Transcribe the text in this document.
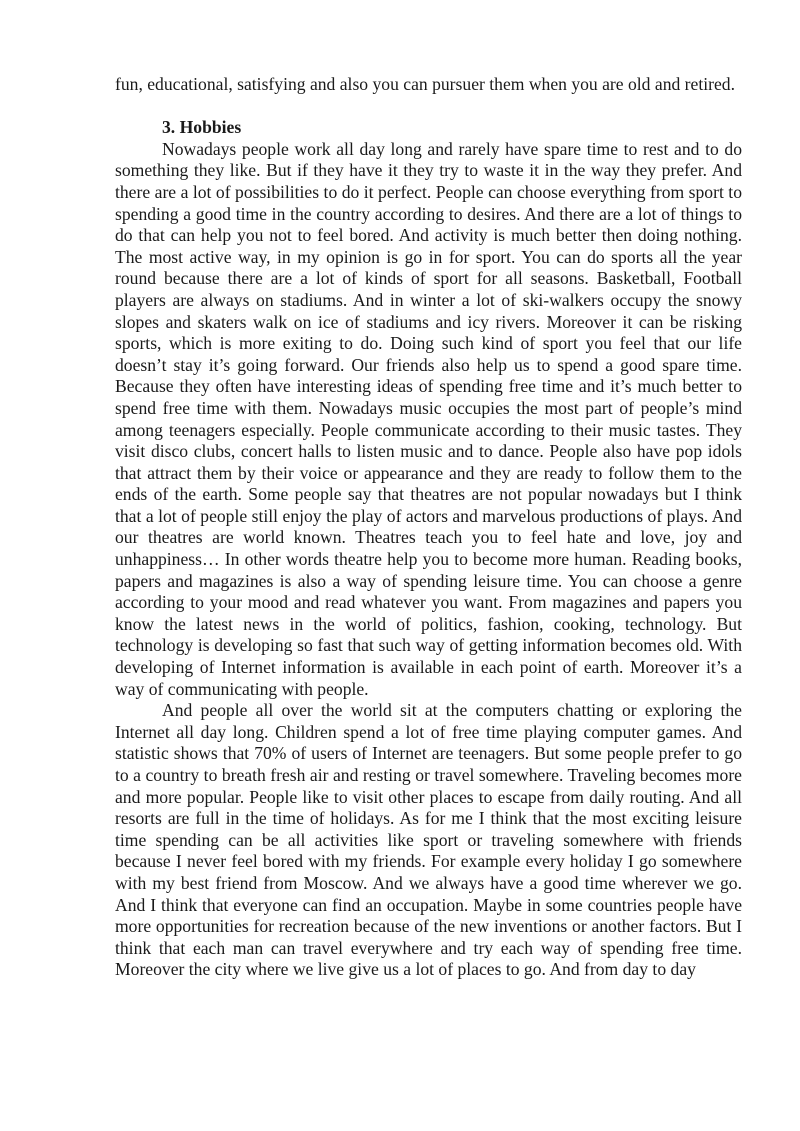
fun, educational, satisfying and also you can pursuer them when you are old and retired.

3. Hobbies

Nowadays people work all day long and rarely have spare time to rest and to do something they like. But if they have it they try to waste it in the way they prefer. And there are a lot of possibilities to do it perfect. People can choose everything from sport to spending a good time in the country according to desires. And there are a lot of things to do that can help you not to feel bored. And activity is much better then doing nothing. The most active way, in my opinion is go in for sport. You can do sports all the year round because there are a lot of kinds of sport for all seasons. Basketball, Football players are always on stadiums. And in winter a lot of ski-walkers occupy the snowy slopes and skaters walk on ice of stadiums and icy rivers. Moreover it can be risking sports, which is more exiting to do. Doing such kind of sport you feel that our life doesn’t stay it’s going forward. Our friends also help us to spend a good spare time. Because they often have interesting ideas of spending free time and it’s much better to spend free time with them. Nowadays music occupies the most part of people’s mind among teenagers especially. People communicate according to their music tastes. They visit disco clubs, concert halls to listen music and to dance. People also have pop idols that attract them by their voice or appearance and they are ready to follow them to the ends of the earth. Some people say that theatres are not popular nowadays but I think that a lot of people still enjoy the play of actors and marvelous productions of plays. And our theatres are world known. Theatres teach you to feel hate and love, joy and unhappiness… In other words theatre help you to become more human. Reading books, papers and magazines is also a way of spending leisure time. You can choose a genre according to your mood and read whatever you want. From magazines and papers you know the latest news in the world of politics, fashion, cooking, technology. But technology is developing so fast that such way of getting information becomes old. With developing of Internet information is available in each point of earth. Moreover it’s a way of communicating with people.

And people all over the world sit at the computers chatting or exploring the Internet all day long. Children spend a lot of free time playing computer games. And statistic shows that 70% of users of Internet are teenagers. But some people prefer to go to a country to breath fresh air and resting or travel somewhere. Traveling becomes more and more popular. People like to visit other places to escape from daily routing. And all resorts are full in the time of holidays. As for me I think that the most exciting leisure time spending can be all activities like sport or traveling somewhere with friends because I never feel bored with my friends. For example every holiday I go somewhere with my best friend from Moscow. And we always have a good time wherever we go. And I think that everyone can find an occupation. Maybe in some countries people have more opportunities for recreation because of the new inventions or another factors. But I think that each man can travel everywhere and try each way of spending free time. Moreover the city where we live give us a lot of places to go. And from day to day
